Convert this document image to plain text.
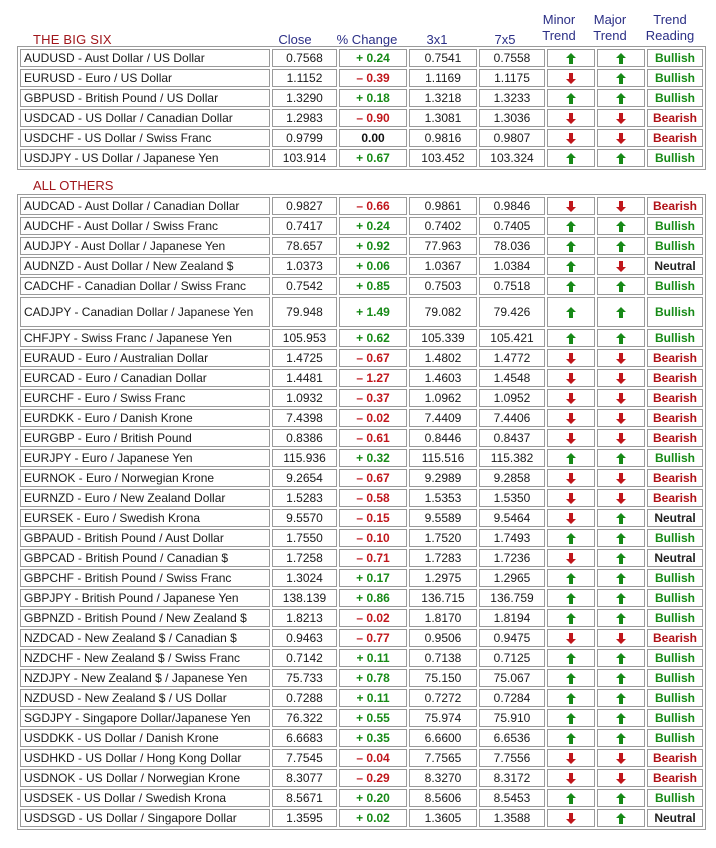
THE BIG SIX	Close	% Change	3x1	7x5
Minor
Trend
Major
Trend
Trend
Reading
AUDUSD - Aust Dollar / US Dollar	0.7568	+ 0.24	0.7541	0.7558			Bullish
EURUSD - Euro / US Dollar	1.1152	– 0.39	1.1169	1.1175			Bullish
GBPUSD - British Pound / US Dollar	1.3290	+ 0.18	1.3218	1.3233			Bullish
USDCAD - US Dollar / Canadian Dollar	1.2983	– 0.90	1.3081	1.3036			Bearish
USDCHF - US Dollar / Swiss Franc	0.9799	0.00	0.9816	0.9807			Bearish
USDJPY - US Dollar / Japanese Yen	103.914	+ 0.67	103.452	103.324			Bullish
ALL OTHERS
AUDCAD - Aust Dollar / Canadian Dollar	0.9827	– 0.66	0.9861	0.9846			Bearish
AUDCHF - Aust Dollar / Swiss Franc	0.7417	+ 0.24	0.7402	0.7405			Bullish
AUDJPY - Aust Dollar / Japanese Yen	78.657	+ 0.92	77.963	78.036			Bullish
AUDNZD - Aust Dollar / New Zealand $	1.0373	+ 0.06	1.0367	1.0384			Neutral
CADCHF - Canadian Dollar / Swiss Franc	0.7542	+ 0.85	0.7503	0.7518			Bullish
CADJPY - Canadian Dollar / Japanese Yen	79.948	+ 1.49	79.082	79.426			Bullish
CHFJPY - Swiss Franc / Japanese Yen	105.953	+ 0.62	105.339	105.421			Bullish
EURAUD - Euro / Australian Dollar	1.4725	– 0.67	1.4802	1.4772			Bearish
EURCAD - Euro / Canadian Dollar	1.4481	– 1.27	1.4603	1.4548			Bearish
EURCHF - Euro / Swiss Franc	1.0932	– 0.37	1.0962	1.0952			Bearish
EURDKK - Euro / Danish Krone	7.4398	– 0.02	7.4409	7.4406			Bearish
EURGBP - Euro / British Pound	0.8386	– 0.61	0.8446	0.8437			Bearish
EURJPY - Euro / Japanese Yen	115.936	+ 0.32	115.516	115.382			Bullish
EURNOK - Euro / Norwegian Krone	9.2654	– 0.67	9.2989	9.2858			Bearish
EURNZD - Euro / New Zealand Dollar	1.5283	– 0.58	1.5353	1.5350			Bearish
EURSEK - Euro / Swedish Krona	9.5570	– 0.15	9.5589	9.5464			Neutral
GBPAUD - British Pound / Aust Dollar	1.7550	– 0.10	1.7520	1.7493			Bullish
GBPCAD - British Pound / Canadian $	1.7258	– 0.71	1.7283	1.7236			Neutral
GBPCHF - British Pound / Swiss Franc	1.3024	+ 0.17	1.2975	1.2965			Bullish
GBPJPY - British Pound / Japanese Yen	138.139	+ 0.86	136.715	136.759			Bullish
GBPNZD - British Pound / New Zealand $	1.8213	– 0.02	1.8170	1.8194			Bullish
NZDCAD - New Zealand $ / Canadian $	0.9463	– 0.77	0.9506	0.9475			Bearish
NZDCHF - New Zealand $ / Swiss Franc	0.7142	+ 0.11	0.7138	0.7125			Bullish
NZDJPY - New Zealand $ / Japanese Yen	75.733	+ 0.78	75.150	75.067			Bullish
NZDUSD - New Zealand $ / US Dollar	0.7288	+ 0.11	0.7272	0.7284			Bullish
SGDJPY - Singapore Dollar/Japanese Yen	76.322	+ 0.55	75.974	75.910			Bullish
USDDKK - US Dollar / Danish Krone	6.6683	+ 0.35	6.6600	6.6536			Bullish
USDHKD - US Dollar / Hong Kong Dollar	7.7545	– 0.04	7.7565	7.7556			Bearish
USDNOK - US Dollar / Norwegian Krone	8.3077	– 0.29	8.3270	8.3172			Bearish
USDSEK - US Dollar / Swedish Krona	8.5671	+ 0.20	8.5606	8.5453			Bullish
USDSGD - US Dollar / Singapore Dollar	1.3595	+ 0.02	1.3605	1.3588			Neutral
